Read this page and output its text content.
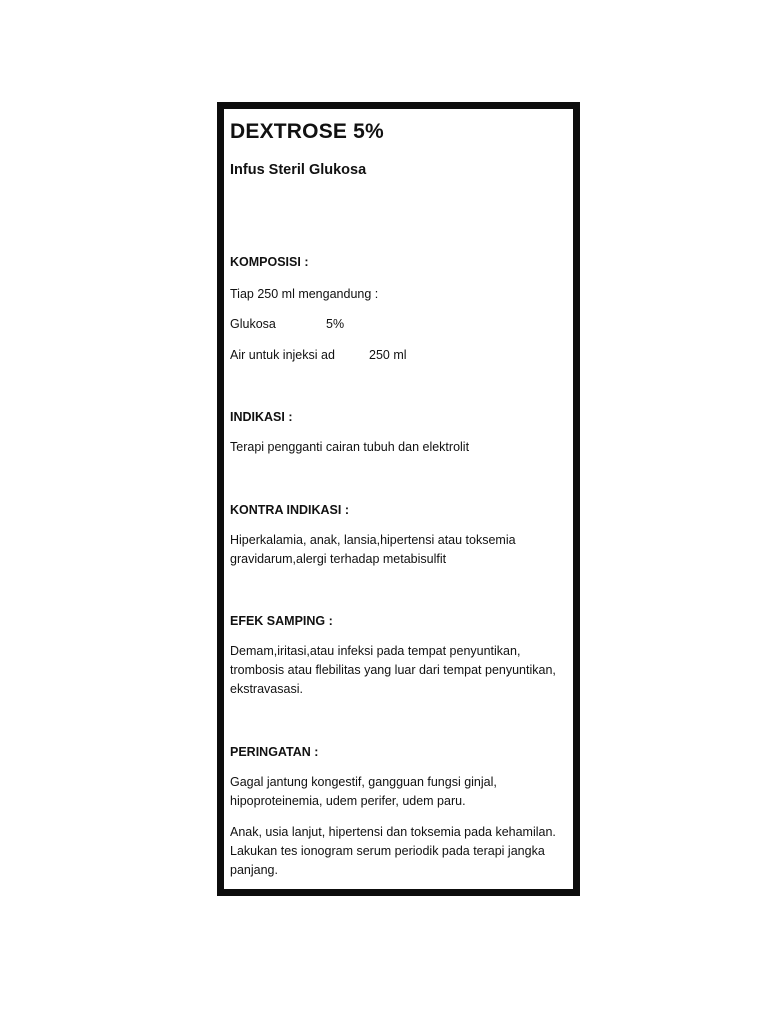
DEXTROSE 5%
Infus Steril Glukosa

KOMPOSISI :

Tiap 250 ml mengandung :

Glukosa	5%
Air untuk injeksi ad	250 ml

INDIKASI :

Terapi pengganti cairan tubuh dan elektrolit

KONTRA INDIKASI :

Hiperkalamia, anak, lansia,hipertensi atau toksemia gravidarum,alergi terhadap metabisulfit

EFEK SAMPING :

Demam,iritasi,atau infeksi pada tempat penyuntikan, trombosis atau flebilitas yang luar dari tempat penyuntikan, ekstravasasi.

PERINGATAN :

Gagal jantung kongestif, gangguan fungsi ginjal, hipoproteinemia, udem perifer, udem paru.

Anak, usia lanjut, hipertensi dan toksemia pada kehamilan. Lakukan tes ionogram serum periodik pada terapi jangka panjang.
